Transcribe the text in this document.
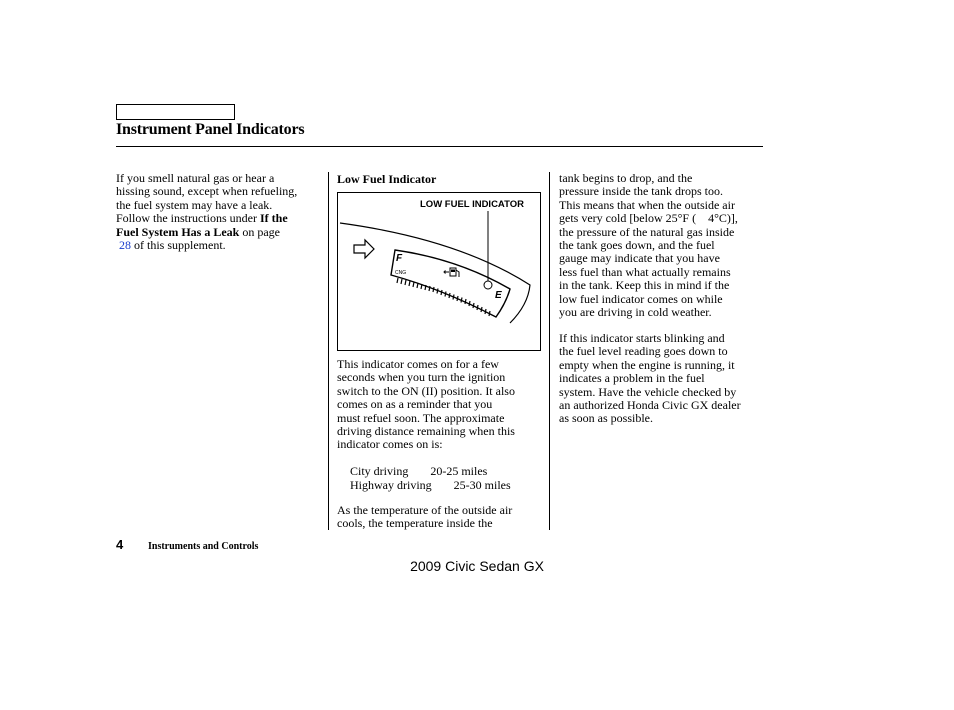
Instrument Panel Indicators
If you smell natural gas or hear a
hissing sound, except when refueling,
the fuel system may have a leak.
Follow the instructions under If the
Fuel System Has a Leak on page
28 of this supplement.
Low Fuel Indicator
LOW FUEL INDICATOR
F
CNG
E
This indicator comes on for a few
seconds when you turn the ignition
switch to the ON (II) position. It also
comes on as a reminder that you
must refuel soon. The approximate
driving distance remaining when this
indicator comes on is:
City driving 20-25 miles
Highway driving 25-30 miles
As the temperature of the outside air
cools, the temperature inside the
tank begins to drop, and the
pressure inside the tank drops too.
This means that when the outside air
gets very cold [below 25°F (    4°C)],
the pressure of the natural gas inside
the tank goes down, and the fuel
gauge may indicate that you have
less fuel than what actually remains
in the tank. Keep this in mind if the
low fuel indicator comes on while
you are driving in cold weather.
If this indicator starts blinking and
the fuel level reading goes down to
empty when the engine is running, it
indicates a problem in the fuel
system. Have the vehicle checked by
an authorized Honda Civic GX dealer
as soon as possible.
4 Instruments and Controls
2009 Civic Sedan GX
